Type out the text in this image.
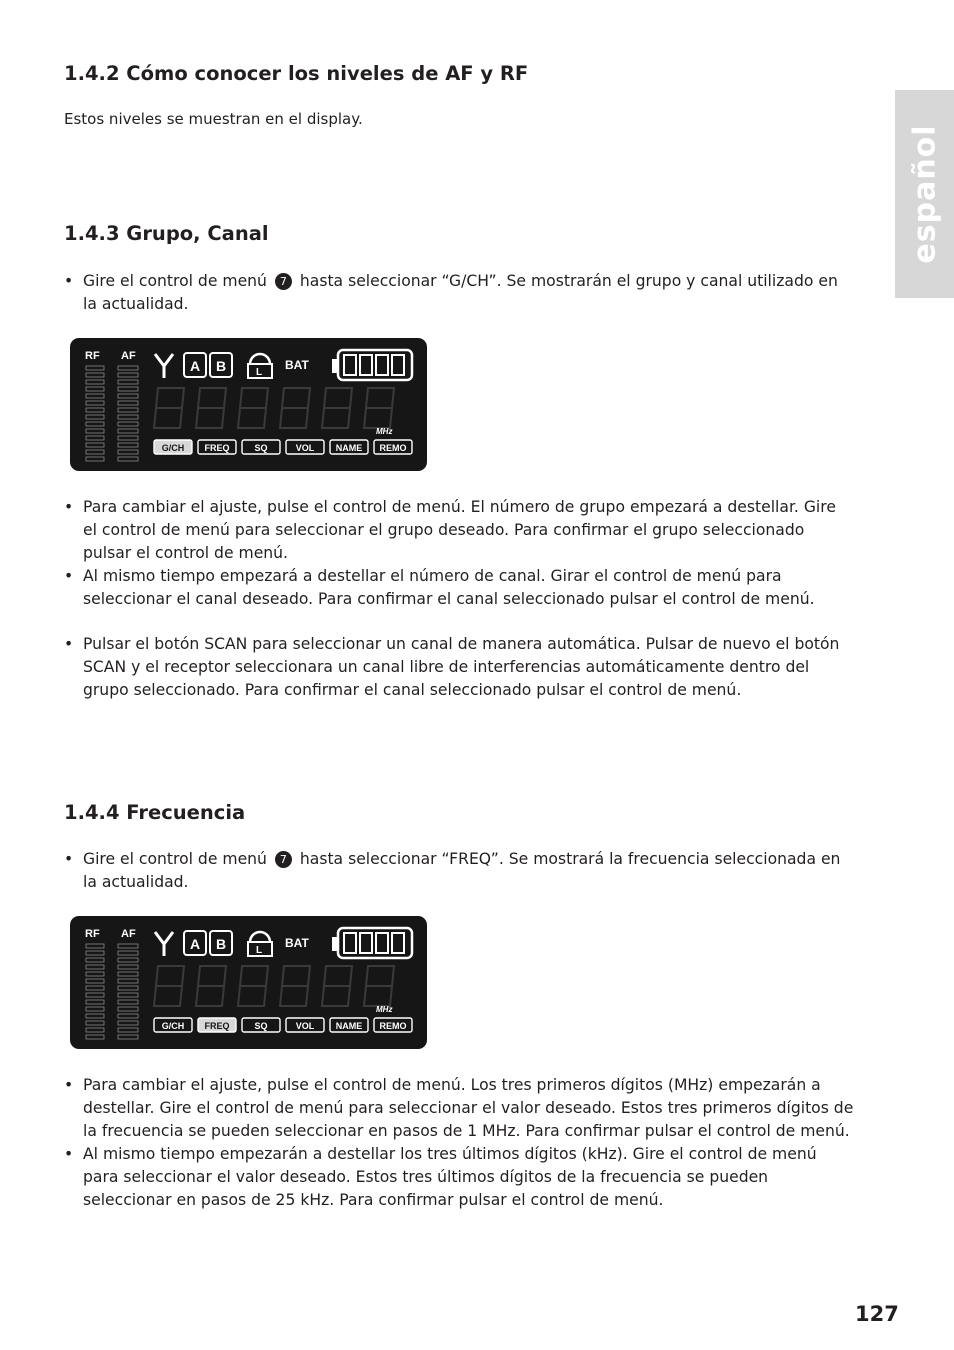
español
1.4.2 Cómo conocer los niveles de AF y RF

Estos niveles se muestran en el display.

1.4.3 Grupo, Canal
• Gire el control de menú 7 hasta seleccionar “G/CH”. Se mostrarán el grupo y canal utilizado en la actualidad.
RF AF
A B	L
BAT
MHz
G/CH FREQ	SQ	VOL NAME REMO
• Para cambiar el ajuste, pulse el control de menú. El número de grupo empezará a destellar. Gire el control de menú para seleccionar el grupo deseado. Para confirmar el grupo seleccionado pulsar el control de menú.
• Al mismo tiempo empezará a destellar el número de canal. Girar el control de menú para seleccionar el canal deseado. Para confirmar el canal seleccionado pulsar el control de menú.
• Pulsar el botón SCAN para seleccionar un canal de manera automática. Pulsar de nuevo el botón SCAN y el receptor seleccionara un canal libre de interferencias automáticamente dentro del grupo seleccionado. Para confirmar el canal seleccionado pulsar el control de menú.
1.4.4 Frecuencia
• Gire el control de menú 7 hasta seleccionar “FREQ”. Se mostrará la frecuencia seleccionada en la actualidad.
RF AF
A B	L
BAT
MHz
G/CH FREQ	SQ	VOL NAME REMO
• Para cambiar el ajuste, pulse el control de menú. Los tres primeros dígitos (MHz) empezarán a destellar. Gire el control de menú para seleccionar el valor deseado. Estos tres primeros dígitos de la frecuencia se pueden seleccionar en pasos de 1 MHz. Para confirmar pulsar el control de menú.
• Al mismo tiempo empezarán a destellar los tres últimos dígitos (kHz). Gire el control de menú para seleccionar el valor deseado. Estos tres últimos dígitos de la frecuencia se pueden seleccionar en pasos de 25 kHz. Para confirmar pulsar el control de menú.
127
